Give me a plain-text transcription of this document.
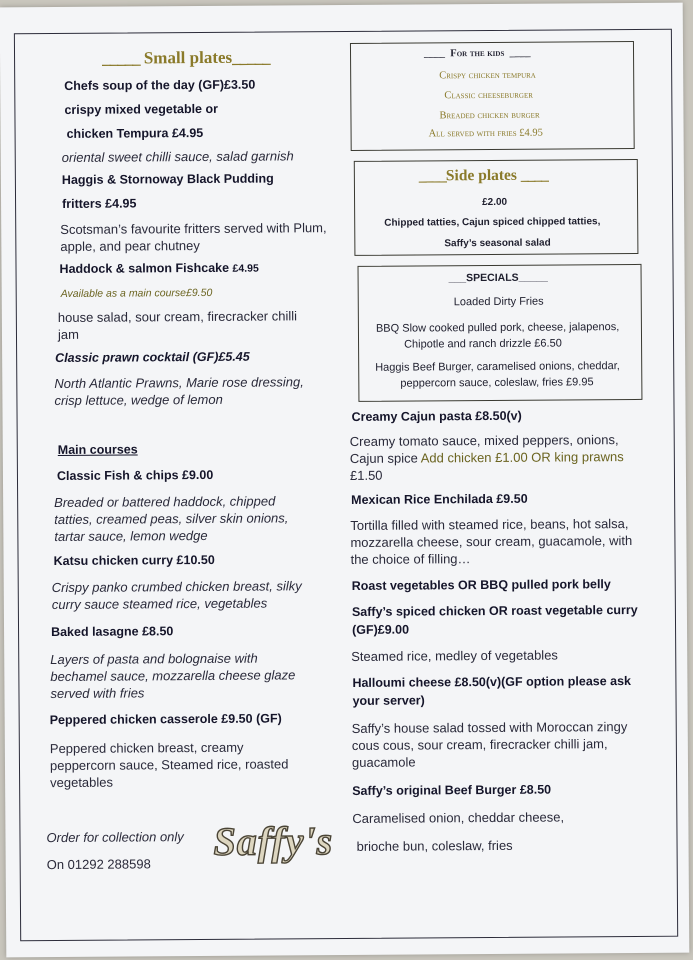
_____ Small plates_____
Chefs soup of the day (GF)£3.50
crispy mixed vegetable or
chicken Tempura £4.95
oriental sweet chilli sauce, salad garnish
Haggis & Stornoway Black Pudding
fritters £4.95
Scotsman’s favourite fritters served with Plum,
apple, and pear chutney
Haddock & salmon Fishcake £4.95
Available as a main course£9.50
house salad, sour cream, firecracker chilli
jam
Classic prawn cocktail (GF)£5.45
North Atlantic Prawns, Marie rose dressing,
crisp lettuce, wedge of lemon
Main courses
Classic Fish & chips £9.00
Breaded or battered haddock, chipped
tatties, creamed peas, silver skin onions,
tartar sauce, lemon wedge
Katsu chicken curry £10.50
Crispy panko crumbed chicken breast, silky
curry sauce steamed rice, vegetables
Baked lasagne £8.50
Layers of pasta and bolognaise with
bechamel sauce, mozzarella cheese glaze
served with fries
Peppered chicken casserole £9.50 (GF)
Peppered chicken breast, creamy
peppercorn sauce, Steamed rice, roasted
vegetables
Order for collection only
On 01292 288598
Saffy's
____  For the kids  ____
Crispy chicken tempura
Classic cheeseburger
Breaded chicken burger
All served with fries £4.95
____Side plates ____
£2.00
Chipped tatties, Cajun spiced chipped tatties,
Saffy’s seasonal salad
___SPECIALS_____
Loaded Dirty Fries
BBQ Slow cooked pulled pork, cheese, jalapenos,
Chipotle and ranch drizzle £6.50
Haggis Beef Burger, caramelised onions, cheddar,
peppercorn sauce, coleslaw, fries £9.95
Creamy Cajun pasta £8.50(v)
Creamy tomato sauce, mixed peppers, onions,
Cajun spice Add chicken £1.00 OR king prawns
£1.50
Mexican Rice Enchilada £9.50
Tortilla filled with steamed rice, beans, hot salsa,
mozzarella cheese, sour cream, guacamole, with
the choice of filling…
Roast vegetables OR BBQ pulled pork belly
Saffy’s spiced chicken OR roast vegetable curry
(GF)£9.00
Steamed rice, medley of vegetables
Halloumi cheese £8.50(v)(GF option please ask
your server)
Saffy’s house salad tossed with Moroccan zingy
cous cous, sour cream, firecracker chilli jam,
guacamole
Saffy’s original Beef Burger £8.50
Caramelised onion, cheddar cheese,
brioche bun, coleslaw, fries
